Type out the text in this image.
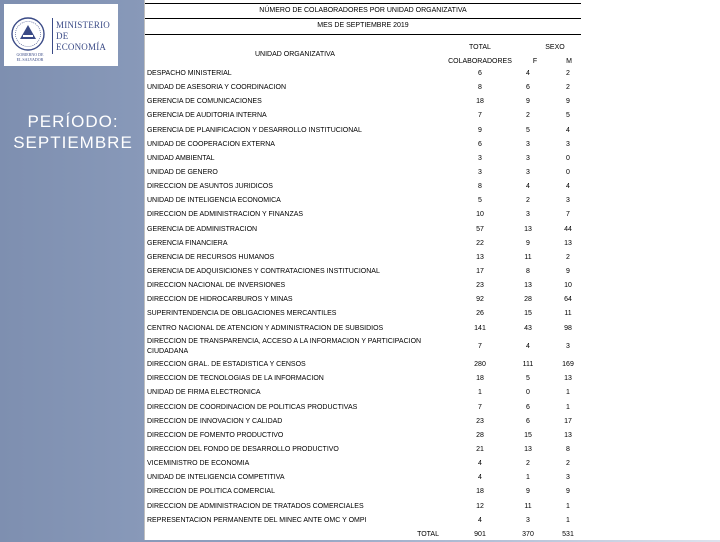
GOBIERNO DE
EL SALVADOR
MINISTERIO
DE ECONOMÍA
PERÍODO:
SEPTIEMBRE
NÚMERO DE COLABORADORES POR UNIDAD ORGANIZATIVA
MES DE SEPTIEMBRE 2019
UNIDAD ORGANIZATIVA
TOTAL
COLABORADORES
SEXO
F	M
DESPACHO MINISTERIAL	6	4	2
UNIDAD DE ASESORIA Y COORDINACION	8	6	2
GERENCIA DE COMUNICACIONES	18	9	9
GERENCIA DE AUDITORIA INTERNA	7	2	5
GERENCIA DE PLANIFICACION Y DESARROLLO INSTITUCIONAL	9	5	4
UNIDAD DE COOPERACION EXTERNA	6	3	3
UNIDAD AMBIENTAL	3	3	0
UNIDAD DE GENERO	3	3	0
DIRECCION DE ASUNTOS JURIDICOS	8	4	4
UNIDAD DE INTELIGENCIA ECONOMICA	5	2	3
DIRECCION DE ADMINISTRACION Y FINANZAS	10	3	7
GERENCIA DE ADMINISTRACION	57	13	44
GERENCIA FINANCIERA	22	9	13
GERENCIA DE RECURSOS HUMANOS	13	11	2
GERENCIA DE ADQUISICIONES Y CONTRATACIONES INSTITUCIONAL	17	8	9
DIRECCION NACIONAL DE INVERSIONES	23	13	10
DIRECCION DE HIDROCARBUROS Y MINAS	92	28	64
SUPERINTENDENCIA DE OBLIGACIONES MERCANTILES	26	15	11
CENTRO NACIONAL DE ATENCION Y ADMINISTRACION DE SUBSIDIOS	141	43	98
DIRECCION DE TRANSPARENCIA, ACCESO A LA INFORMACION Y PARTICIPACION CIUDADANA
7	4	3
DIRECCION GRAL. DE ESTADISTICA Y CENSOS	280	111	169
DIRECCION DE TECNOLOGIAS DE LA INFORMACION	18	5	13
UNIDAD DE FIRMA ELECTRONICA	1	0	1
DIRECCION DE COORDINACION DE POLITICAS PRODUCTIVAS	7	6	1
DIRECCION DE INNOVACION Y CALIDAD	23	6	17
DIRECCION DE FOMENTO PRODUCTIVO	28	15	13
DIRECCION DEL FONDO DE DESARROLLO PRODUCTIVO	21	13	8
VICEMINISTRO DE ECONOMIA	4	2	2
UNIDAD DE INTELIGENCIA COMPETITIVA	4	1	3
DIRECCION DE POLITICA COMERCIAL	18	9	9
DIRECCION DE ADMINISTRACION DE TRATADOS COMERCIALES	12	11	1
REPRESENTACION PERMANENTE DEL MINEC ANTE OMC Y OMPI	4	3	1
TOTAL	901	370	531
